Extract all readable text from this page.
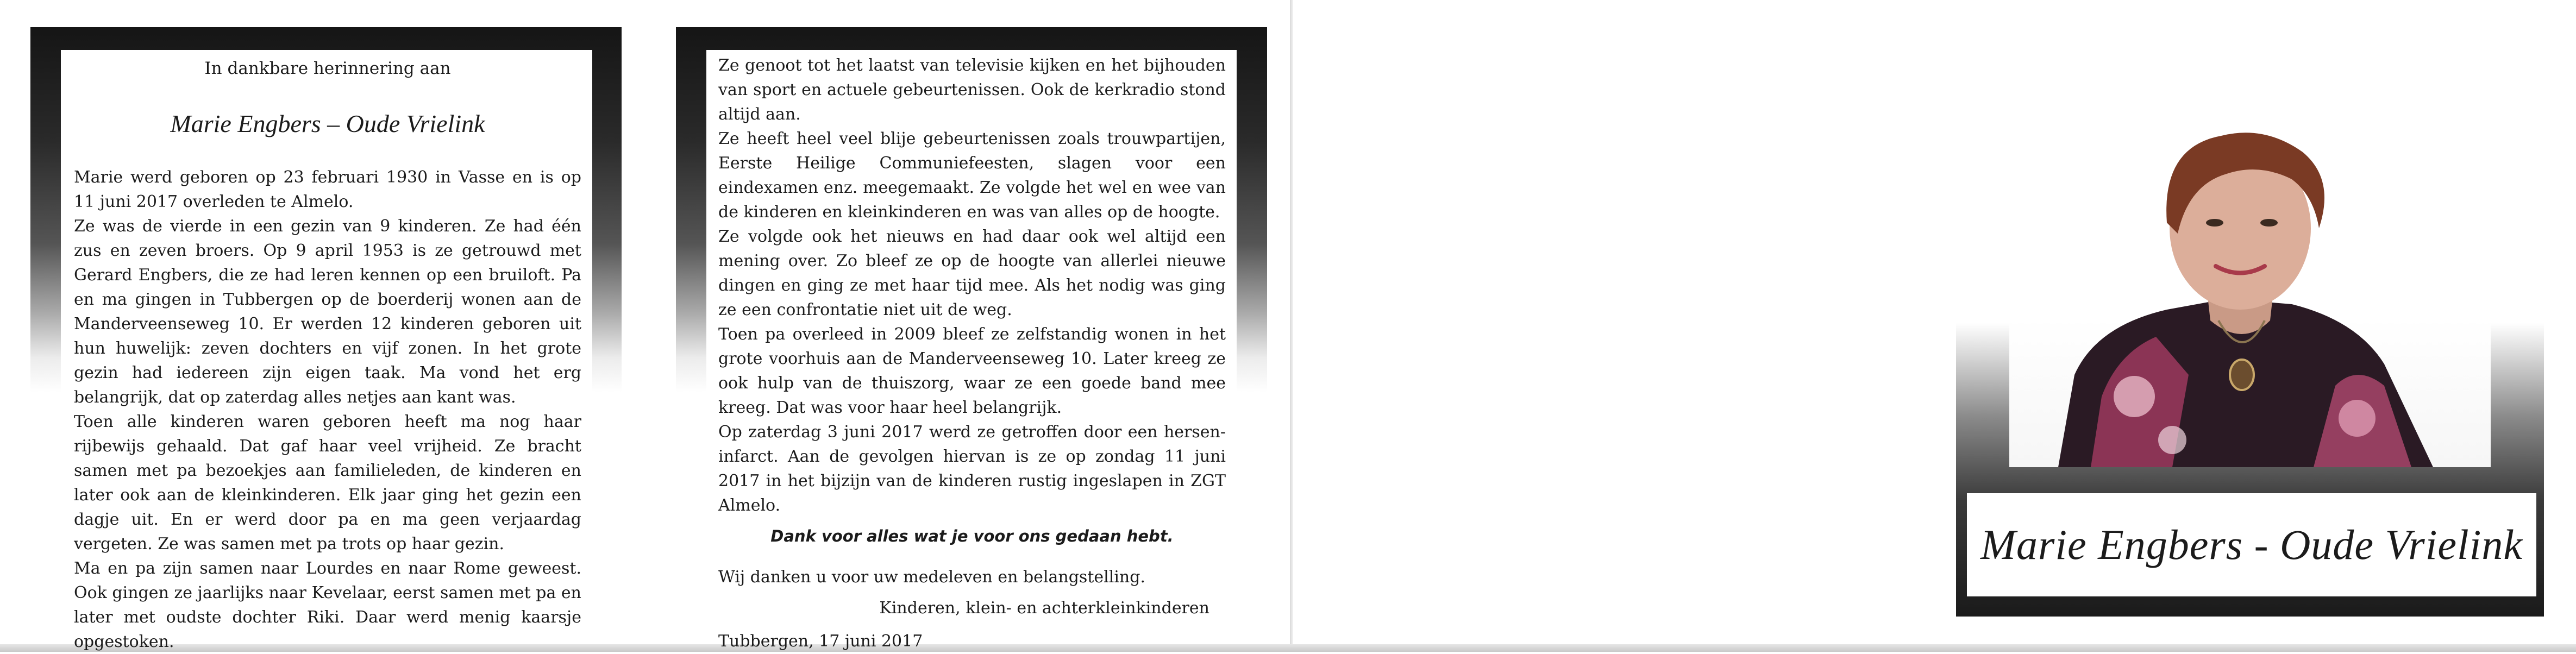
In dankbare herinnering aan

Marie Engbers – Oude Vrielink

Marie werd geboren op 23 februari 1930 in Vasse en is op 11 juni 2017 overleden te Almelo.
Ze was de vierde in een gezin van 9 kinderen. Ze had één zus en zeven broers. Op 9 april 1953 is ze getrouwd met Gerard Engbers, die ze had leren kennen op een bruiloft. Pa en ma gingen in Tubbergen op de boerderij wonen aan de Manderveenseweg 10. Er werden 12 kinderen geboren uit hun huwelijk: zeven dochters en vijf zonen. In het grote gezin had iedereen zijn eigen taak. Ma vond het erg belangrijk, dat op zaterdag alles netjes aan kant was.
Toen alle kinderen waren geboren heeft ma nog haar rijbewijs gehaald. Dat gaf haar veel vrijheid. Ze bracht samen met pa bezoekjes aan familieleden, de kinderen en later ook aan de kleinkinderen. Elk jaar ging het gezin een dagje uit. En er werd door pa en ma geen verjaardag vergeten. Ze was samen met pa trots op haar gezin.
Ma en pa zijn samen naar Lourdes en naar Rome geweest. Ook gingen ze jaarlijks naar Kevelaar, eerst samen met pa en later met oudste dochter Riki. Daar werd menig kaarsje opgestoken.

Ze genoot tot het laatst van televisie kijken en het bijhouden van sport en actuele gebeurtenissen. Ook de kerkradio stond altijd aan.
Ze heeft heel veel blije gebeurtenissen zoals trouwpartijen, Eerste Heilige Communiefeesten, slagen voor een eindexamen enz. meegemaakt. Ze volgde het wel en wee van de kinderen en kleinkinderen en was van alles op de hoogte.
Ze volgde ook het nieuws en had daar ook wel altijd een mening over. Zo bleef ze op de hoogte van allerlei nieuwe dingen en ging ze met haar tijd mee. Als het nodig was ging ze een confrontatie niet uit de weg.
Toen pa overleed in 2009 bleef ze zelfstandig wonen in het grote voorhuis aan de Manderveenseweg 10. Later kreeg ze ook hulp van de thuiszorg, waar ze een goede band mee kreeg. Dat was voor haar heel belangrijk.
Op zaterdag 3 juni 2017 werd ze getroffen door een hersen-infarct. Aan de gevolgen hiervan is ze op zondag 11 juni 2017 in het bijzijn van de kinderen rustig ingeslapen in ZGT Almelo.

Dank voor alles wat je voor ons gedaan hebt.

Wij danken u voor uw medeleven en belangstelling.

Kinderen, klein- en achterkleinkinderen

Tubbergen, 17 juni 2017

Marie Engbers - Oude Vrielink
